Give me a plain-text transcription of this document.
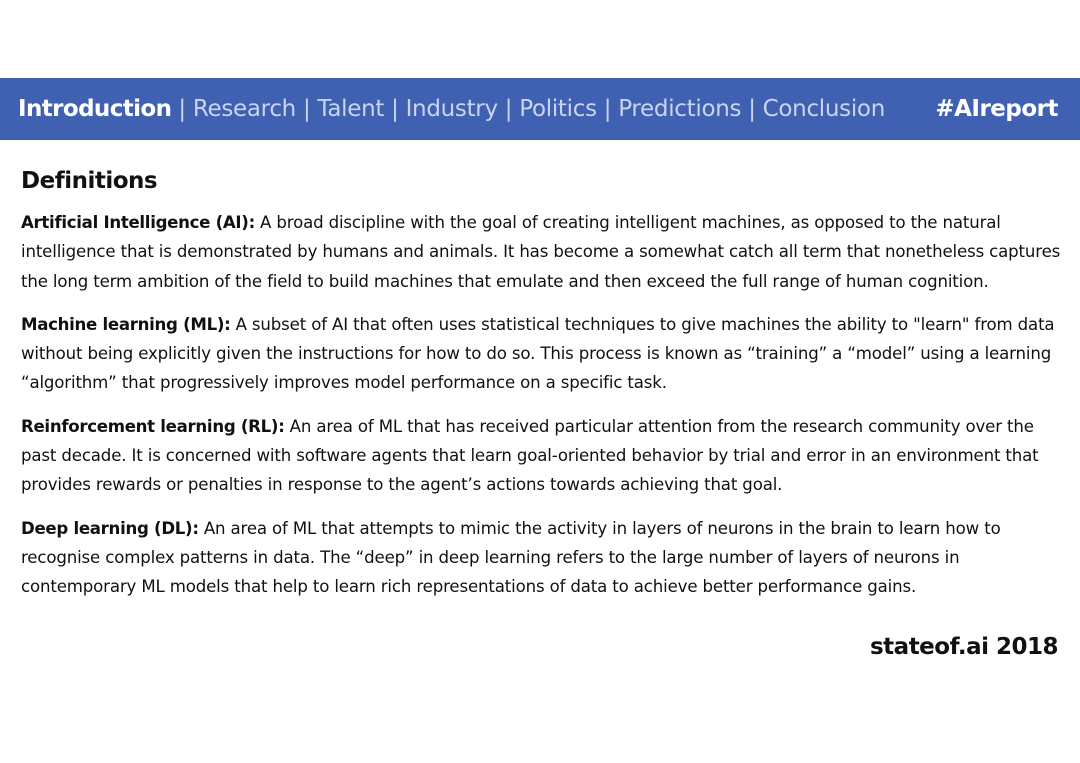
Introduction | Research | Talent | Industry | Politics | Predictions | Conclusion #AIreport
Definitions

Artificial Intelligence (AI): A broad discipline with the goal of creating intelligent machines, as opposed to the natural intelligence that is demonstrated by humans and animals. It has become a somewhat catch all term that nonetheless captures the long term ambition of the field to build machines that emulate and then exceed the full range of human cognition.

Machine learning (ML): A subset of AI that often uses statistical techniques to give machines the ability to "learn" from data without being explicitly given the instructions for how to do so. This process is known as “training” a “model” using a learning “algorithm” that progressively improves model performance on a specific task.

Reinforcement learning (RL): An area of ML that has received particular attention from the research community over the past decade. It is concerned with software agents that learn goal-oriented behavior by trial and error in an environment that provides rewards or penalties in response to the agent’s actions towards achieving that goal.

Deep learning (DL): An area of ML that attempts to mimic the activity in layers of neurons in the brain to learn how to recognise complex patterns in data. The “deep” in deep learning refers to the large number of layers of neurons in contemporary ML models that help to learn rich representations of data to achieve better performance gains.

stateof.ai 2018
